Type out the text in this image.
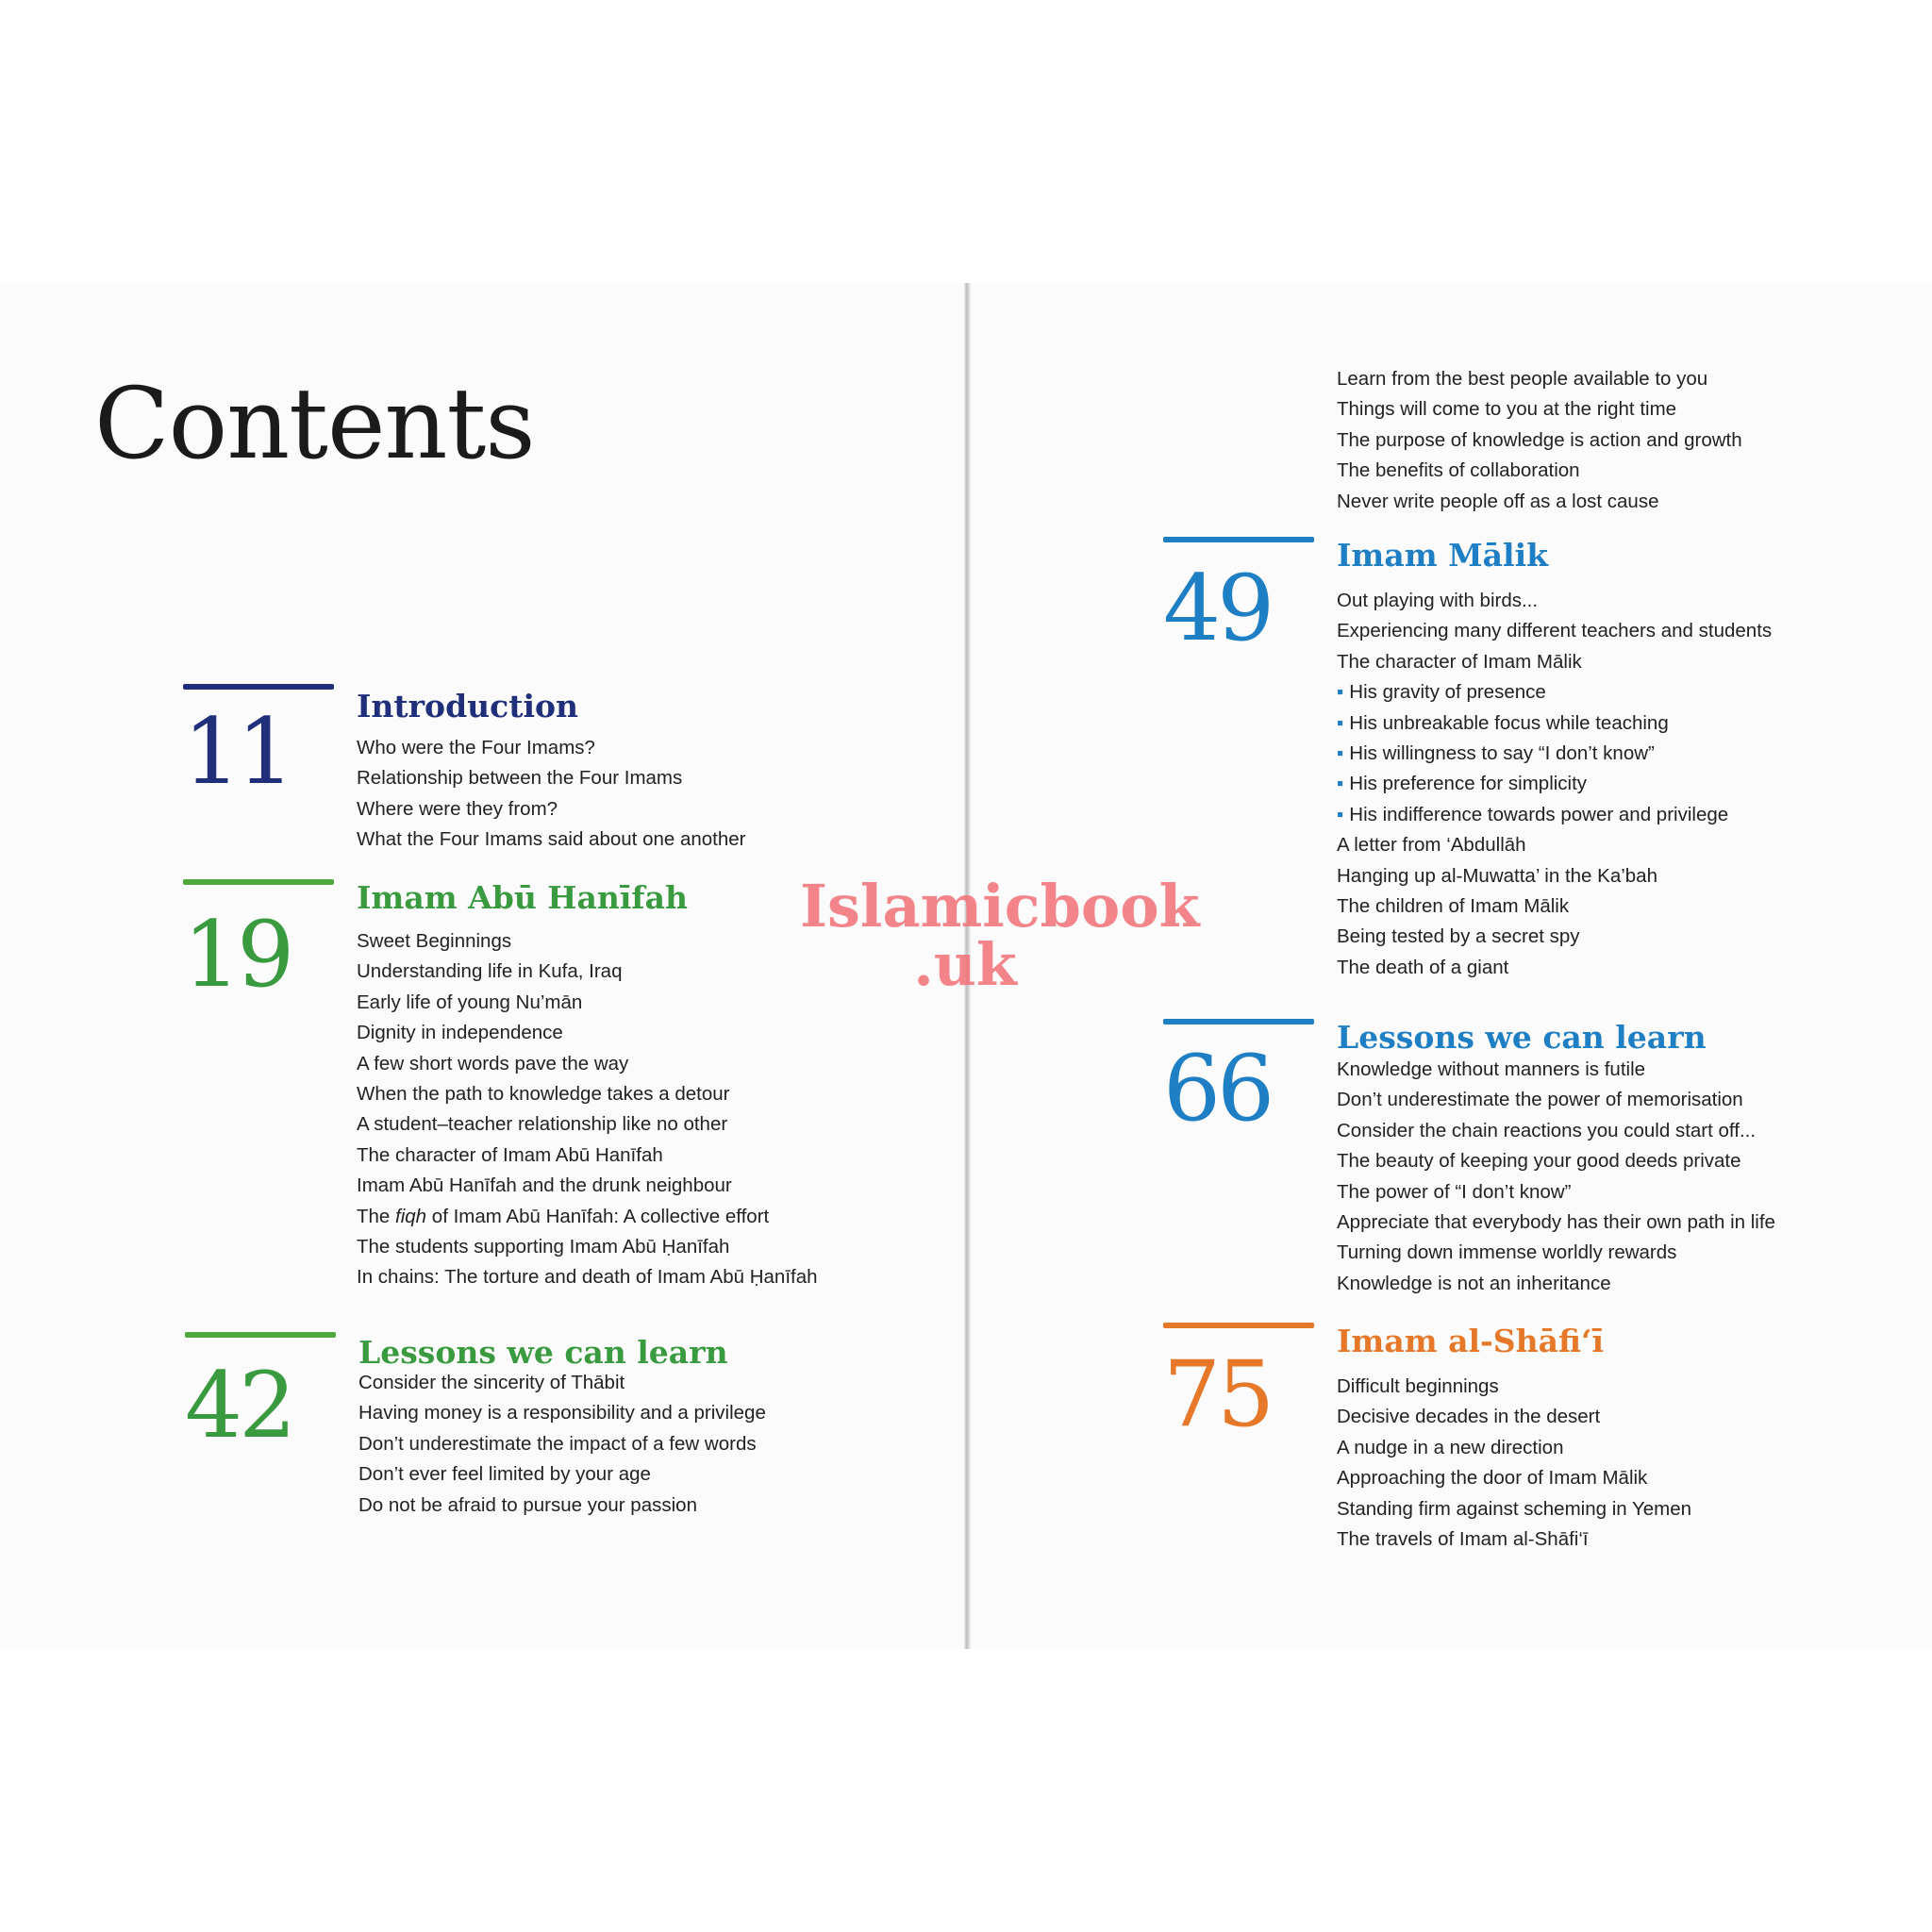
Contents
11 Introduction
Who were the Four Imams?
Relationship between the Four Imams
Where were they from?
What the Four Imams said about one another
19
Imam Abū Hanīfah
Sweet Beginnings
Understanding life in Kufa, Iraq
Early life of young Nu’mān
Dignity in independence
A few short words pave the way
When the path to knowledge takes a detour
A student–teacher relationship like no other
The character of Imam Abū Hanīfah
Imam Abū Hanīfah and the drunk neighbour
The fiqh of Imam Abū Hanīfah: A collective effort
The students supporting Imam Abū Ḥanīfah
In chains: The torture and death of Imam Abū Ḥanīfah
42
Lessons we can learn
Consider the sincerity of Thābit
Having money is a responsibility and a privilege
Don’t underestimate the impact of a few words
Don’t ever feel limited by your age
Do not be afraid to pursue your passion
Learn from the best people available to you
Things will come to you at the right time
The purpose of knowledge is action and growth
The benefits of collaboration
Never write people off as a lost cause
49
Imam Mālik
Out playing with birds...
Experiencing many different teachers and students
The character of Imam Mālik
▪ His gravity of presence
▪ His unbreakable focus while teaching
▪ His willingness to say “I don’t know”
▪ His preference for simplicity
▪ His indifference towards power and privilege
A letter from ‘Abdullāh
Hanging up al-Muwatta’ in the Ka’bah
The children of Imam Mālik
Being tested by a secret spy
The death of a giant
66 Lessons we can learn
Knowledge without manners is futile
Don’t underestimate the power of memorisation
Consider the chain reactions you could start off...
The beauty of keeping your good deeds private
The power of “I don’t know”
Appreciate that everybody has their own path in life
Turning down immense worldly rewards
Knowledge is not an inheritance
75
Imam al-Shāfi‘ī
Difficult beginnings
Decisive decades in the desert
A nudge in a new direction
Approaching the door of Imam Mālik
Standing firm against scheming in Yemen
The travels of Imam al-Shāfi‘ī
Islamicbook
.uk
